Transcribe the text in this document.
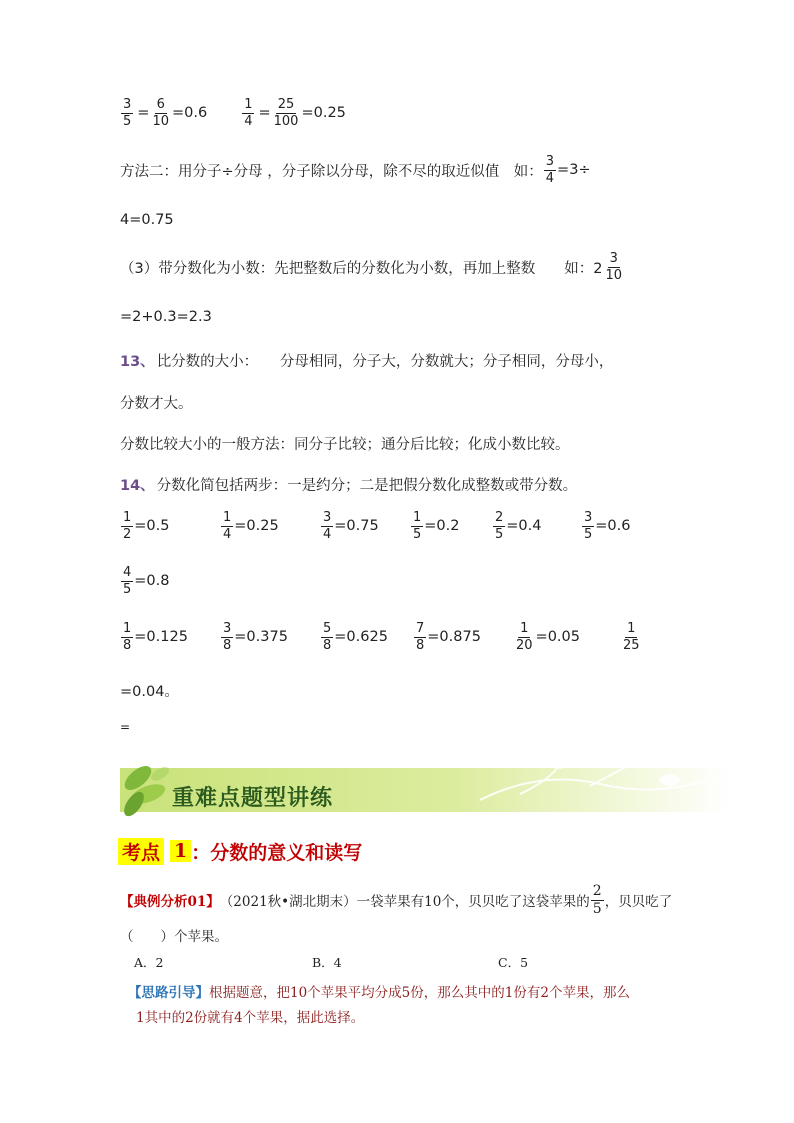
$\frac{3}{5} = \frac{6}{10} =0.6$	$\frac{1}{4} = \frac{25}{100} =0.25$
方法二：用分子÷分母 ，分子除以分母，除不尽的取近似值　如： $\frac{3}{4} =3\div$
4=0.75
（3）带分数化为小数：先把整数后的分数化为小数，再加上整数　　如：$2 \frac{3}{10}$
=2+0.3=2.3
13、 比分数的大小：　　分母相同，分子大，分数就大；分子相同，分母小，
分数才大。
分数比较大小的一般方法：同分子比较；通分后比较；化成小数比较。
14、 分数化简包括两步：一是约分；二是把假分数化成整数或带分数。
$\frac{1}{2} =0.5$	$\frac{1}{4} =0.25$	$\frac{3}{4} =0.75 \frac{1}{5} =0.2$	$\frac{2}{5} =0.4$	$\frac{3}{5} =0.6$
$\frac{4}{5} =0.8$
$\frac{1}{8} =0.125$	$\frac{3}{8} =0.375$	$\frac{5}{8} =0.625 \frac{7}{8} =0.875$	$\frac{1}{20} =0.05$	$\frac{1}{25}$
=0.04。
=
重难点题型讲练
考点 1 ：分数的意义和读写
【典例分析01】 （2021秋•湖北期末）一袋苹果有10个，贝贝吃了这袋苹果的 $\frac{2}{5}$ ，贝贝吃了
（　　）个苹果。
A．2	B．4	C．5
【思路引导】根据题意，把10个苹果平均分成5份，那么其中的1份有2个苹果，那么
1其中的2份就有4个苹果，据此选择。
